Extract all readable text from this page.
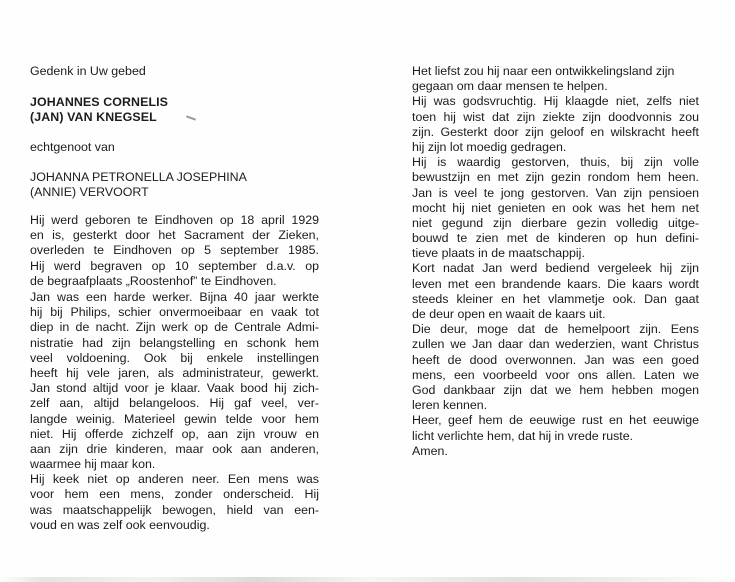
Gedenk in Uw gebed
JOHANNES CORNELIS
(JAN) VAN KNEGSEL
echtgenoot van
JOHANNA PETRONELLA JOSEPHINA
(ANNIE) VERVOORT
Hij werd geboren te Eindhoven op 18 april 1929
en is, gesterkt door het Sacrament der Zieken,
overleden te Eindhoven op 5 september 1985.
Hij werd begraven op 10 september d.a.v. op
de begraafplaats „Roostenhof” te Eindhoven.
Jan was een harde werker. Bijna 40 jaar werkte
hij bij Philips, schier onvermoeibaar en vaak tot
diep in de nacht. Zijn werk op de Centrale Admi-
nistratie had zijn belangstelling en schonk hem
veel voldoening. Ook bij enkele instellingen
heeft hij vele jaren, als administrateur, gewerkt.
Jan stond altijd voor je klaar. Vaak bood hij zich-
zelf aan, altijd belangeloos. Hij gaf veel, ver-
langde weinig. Materieel gewin telde voor hem
niet. Hij offerde zichzelf op, aan zijn vrouw en
aan zijn drie kinderen, maar ook aan anderen,
waarmee hij maar kon.
Hij keek niet op anderen neer. Een mens was
voor hem een mens, zonder onderscheid. Hij
was maatschappelijk bewogen, hield van een-
voud en was zelf ook eenvoudig.
Het liefst zou hij naar een ontwikkelingsland zijn
gegaan om daar mensen te helpen.
Hij was godsvruchtig. Hij klaagde niet, zelfs niet
toen hij wist dat zijn ziekte zijn doodvonnis zou
zijn. Gesterkt door zijn geloof en wilskracht heeft
hij zijn lot moedig gedragen.
Hij is waardig gestorven, thuis, bij zijn volle
bewustzijn en met zijn gezin rondom hem heen.
Jan is veel te jong gestorven. Van zijn pensioen
mocht hij niet genieten en ook was het hem net
niet gegund zijn dierbare gezin volledig uitge-
bouwd te zien met de kinderen op hun defini-
tieve plaats in de maatschappij.
Kort nadat Jan werd bediend vergeleek hij zijn
leven met een brandende kaars. Die kaars wordt
steeds kleiner en het vlammetje ook. Dan gaat
de deur open en waait de kaars uit.
Die deur, moge dat de hemelpoort zijn. Eens
zullen we Jan daar dan wederzien, want Christus
heeft de dood overwonnen. Jan was een goed
mens, een voorbeeld voor ons allen. Laten we
God dankbaar zijn dat we hem hebben mogen
leren kennen.
Heer, geef hem de eeuwige rust en het eeuwige
licht verlichte hem, dat hij in vrede ruste.
Amen.
